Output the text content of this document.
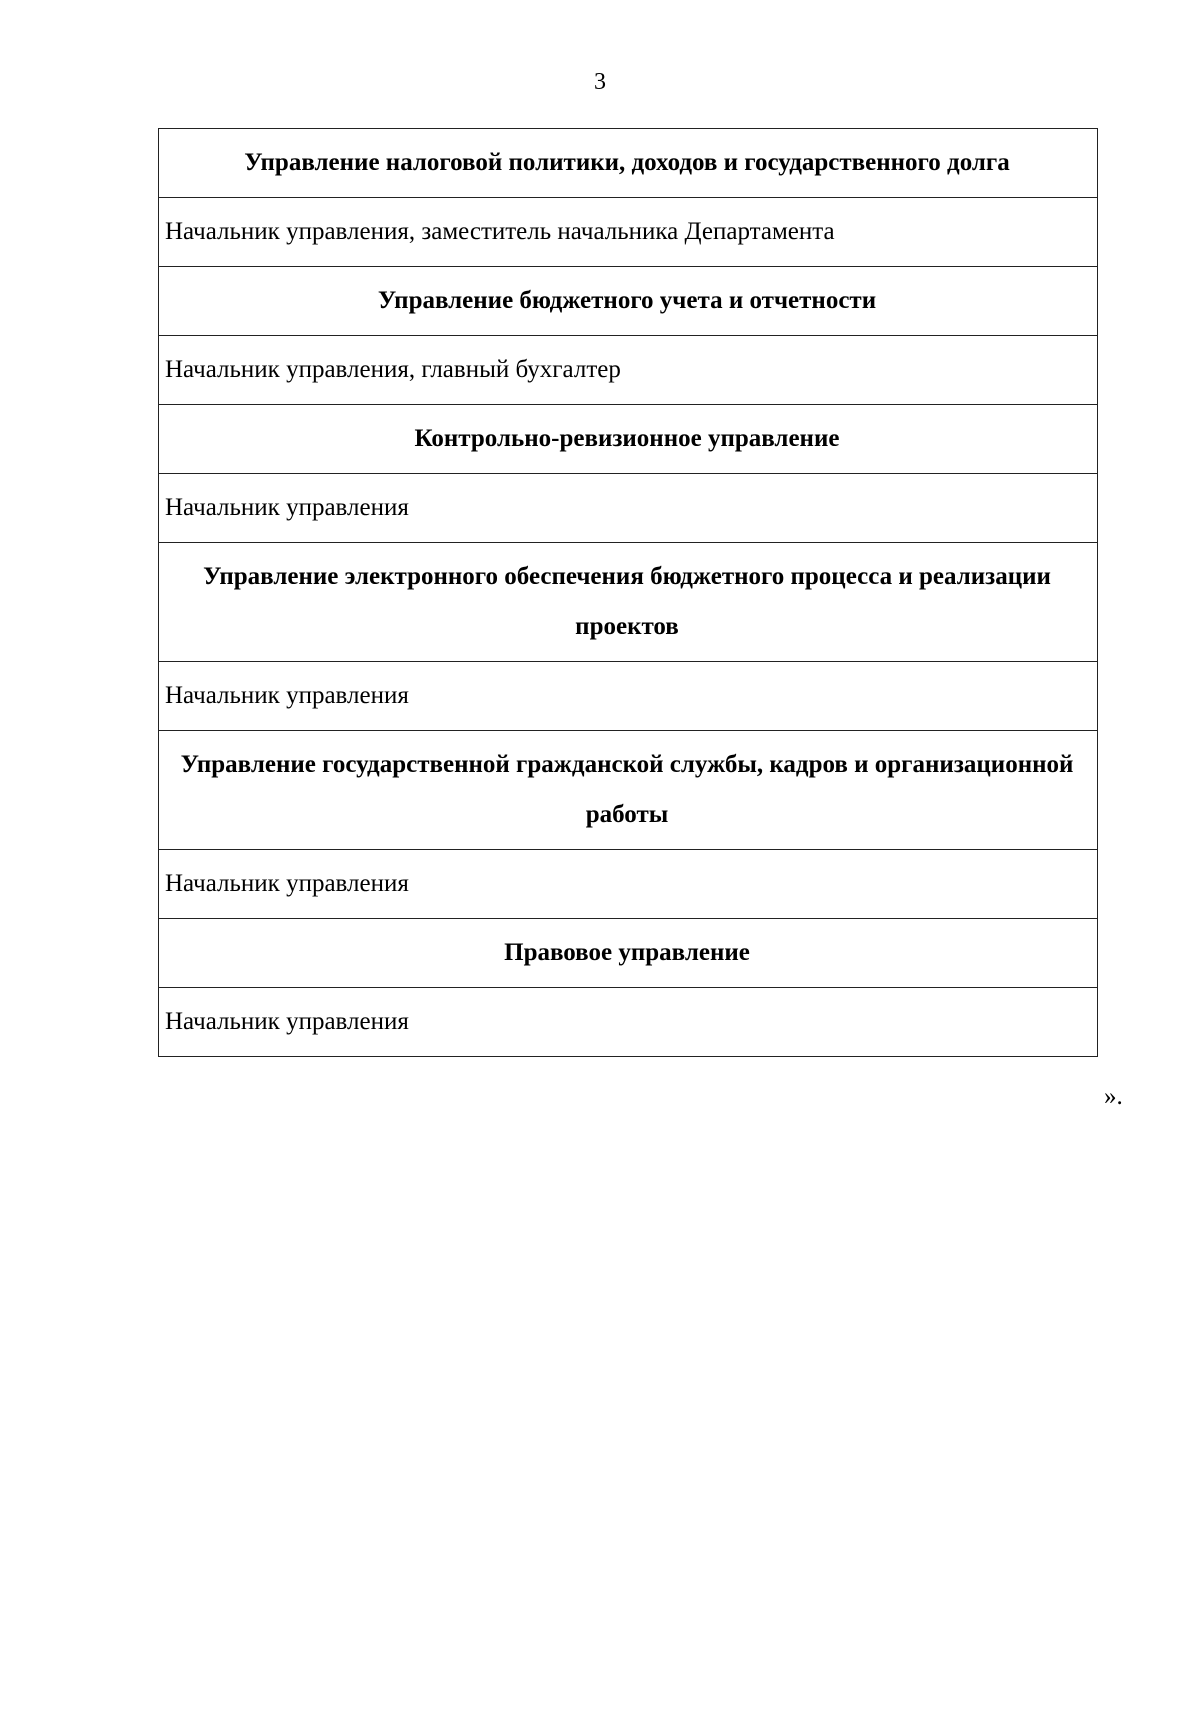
3
Управление налоговой политики, доходов и государственного долга
Начальник управления, заместитель начальника Департамента
Управление бюджетного учета и отчетности
Начальник управления, главный бухгалтер
Контрольно-ревизионное управление
Начальник управления
Управление электронного обеспечения бюджетного процесса и реализации проектов
Начальник управления
Управление государственной гражданской службы, кадров и организационной работы
Начальник управления
Правовое управление
Начальник управления
».
